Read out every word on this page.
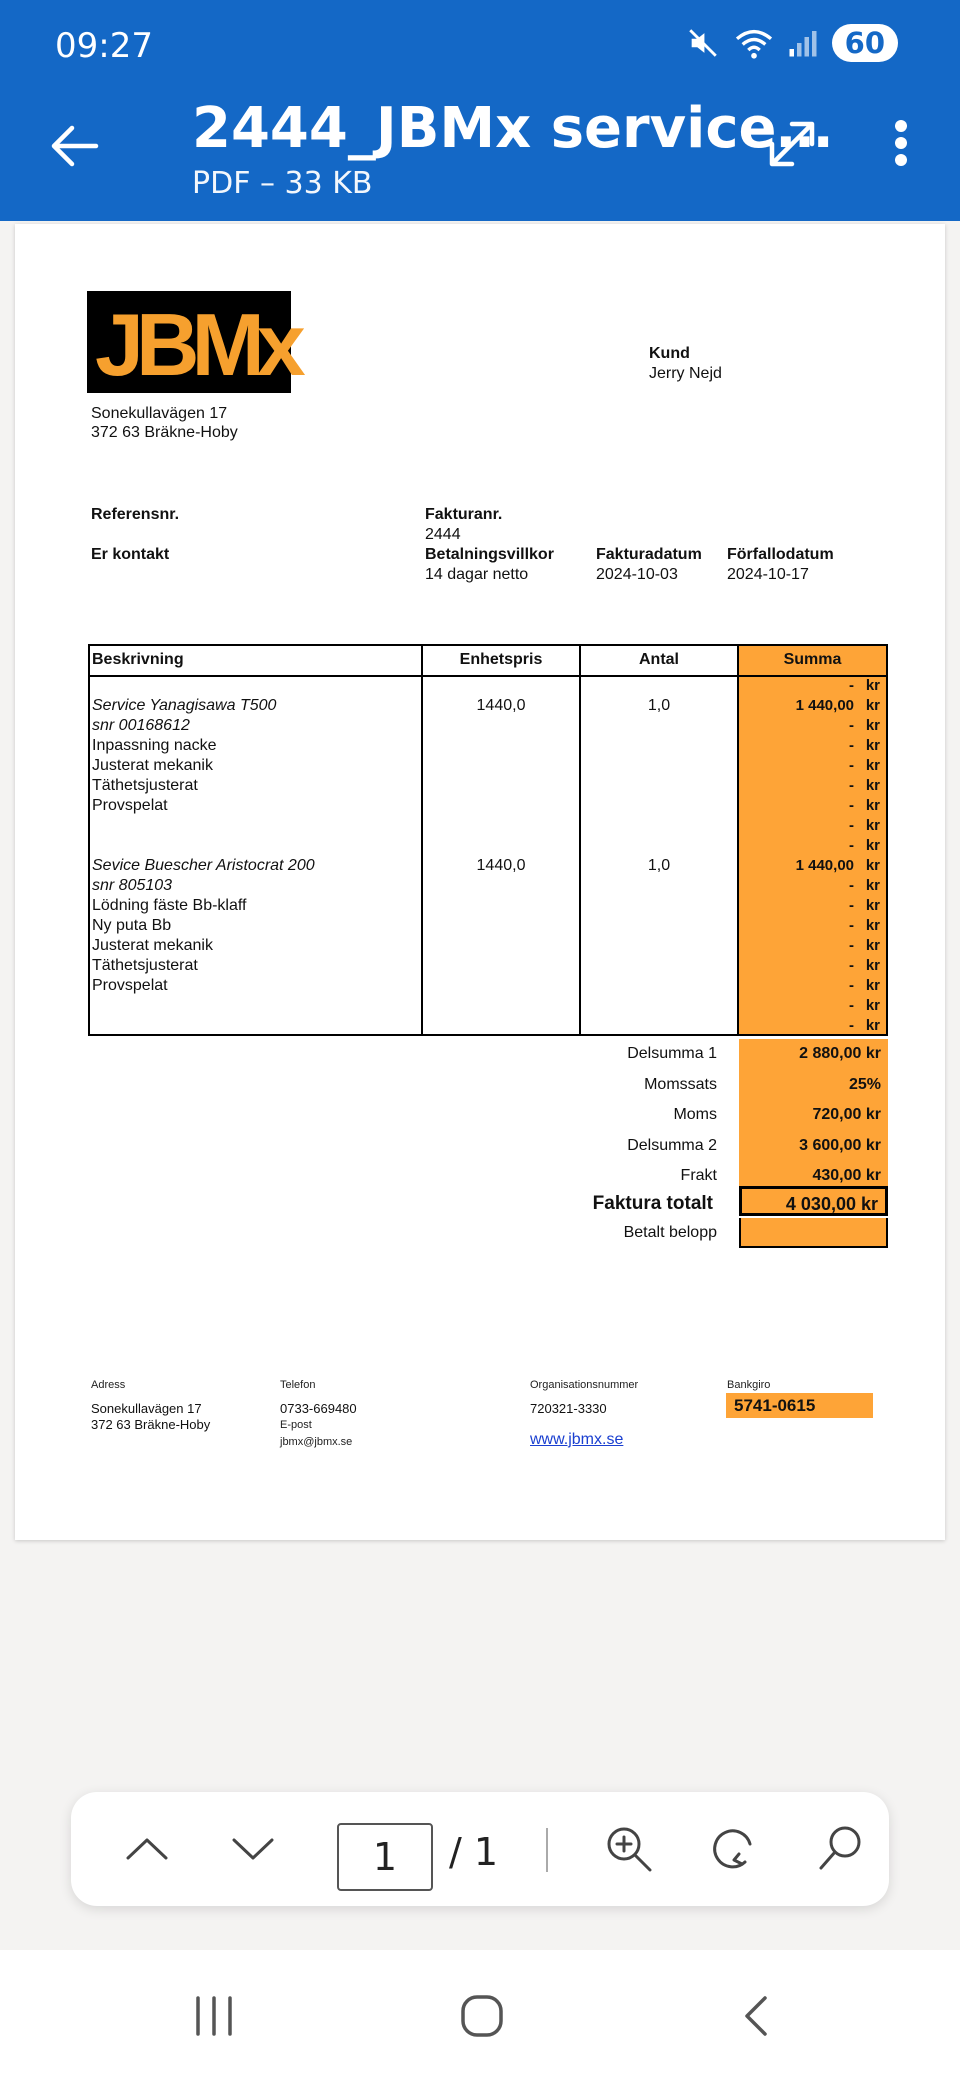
09:27	60
2444_JBMx service…
PDF – 33 KB
JBMx
Sonekullavägen 17
372 63 Bräkne-Hoby
Kund
Jerry Nejd
Referensnr.
Er kontakt
Fakturanr.
2444
Betalningsvillkor
14 dagar netto
Fakturadatum
2024-10-03
Förfallodatum
2024-10-17
Beskrivning	Enhetspris	Antal	Summa
- kr
Service Yanagisawa T500	1440,0	1,0	1 440,00 kr
snr 00168612	- kr
Inpassning nacke	- kr
Justerat mekanik	- kr
Täthetsjusterat	- kr
Provspelat	- kr
- kr
- kr
Sevice Buescher Aristocrat 200	1440,0	1,0	1 440,00 kr
snr 805103	- kr
Lödning fäste Bb-klaff	- kr
Ny puta Bb	- kr
Justerat mekanik	- kr
Täthetsjusterat	- kr
Provspelat	- kr
- kr
- kr
Delsumma 1	2 880,00 kr
Momssats	25%
Moms	720,00 kr
Delsumma 2	3 600,00 kr
Frakt	430,00 kr
Faktura totalt	4 030,00 kr
Betalt belopp
Adress
Sonekullavägen 17
372 63 Bräkne-Hoby
Telefon
0733-669480
E-post
jbmx@jbmx.se
Organisationsnummer
720321-3330
www.jbmx.se
Bankgiro
5741-0615
1	/ 1
